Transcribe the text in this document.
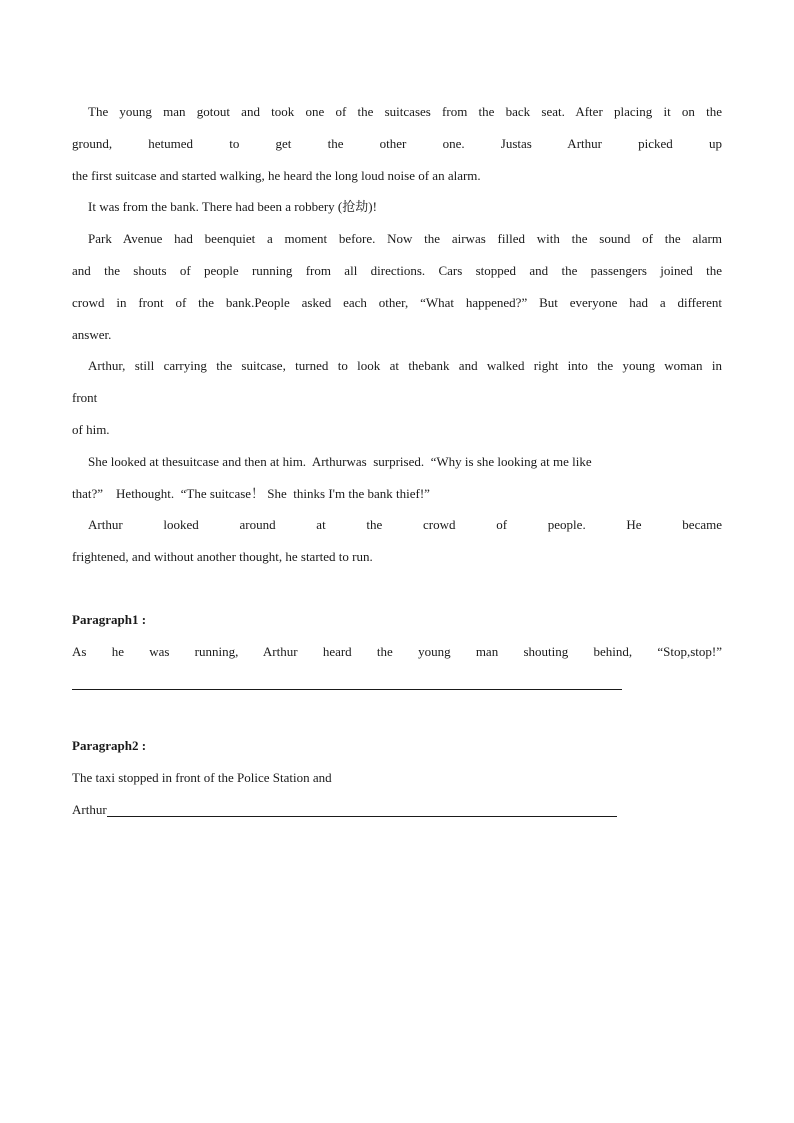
The young man gotout and took one of the suitcases from the back seat. After placing it on the

ground, hetumed to get the other one. Justas Arthur picked up

the first suitcase and started walking, he heard the long loud noise of an alarm.

It was from the bank. There had been a robbery (抢劫)!

Park Avenue had beenquiet a moment before. Now the airwas filled with the sound of the alarm

and the shouts of people running from all directions. Cars stopped and the passengers joined the

crowd in front of the bank.People asked each other, “What happened?” But everyone had a different

answer.

Arthur, still carrying the suitcase, turned to look at thebank and walked right into the young woman in

front

of him.

She looked at thesuitcase and then at him.  Arthurwas  surprised.  “Why is she looking at me like

that?”    Hethought.  “The suitcase！ She  thinks I'm the bank thief!”

Arthur looked around at the crowd of people. He became

frightened, and without another thought, he started to run.

Paragraph1 :

As he was running, Arthur heard the young man shouting behind, “Stop,stop!”

Paragraph2 :

The taxi stopped in front of the Police Station and

Arthur
